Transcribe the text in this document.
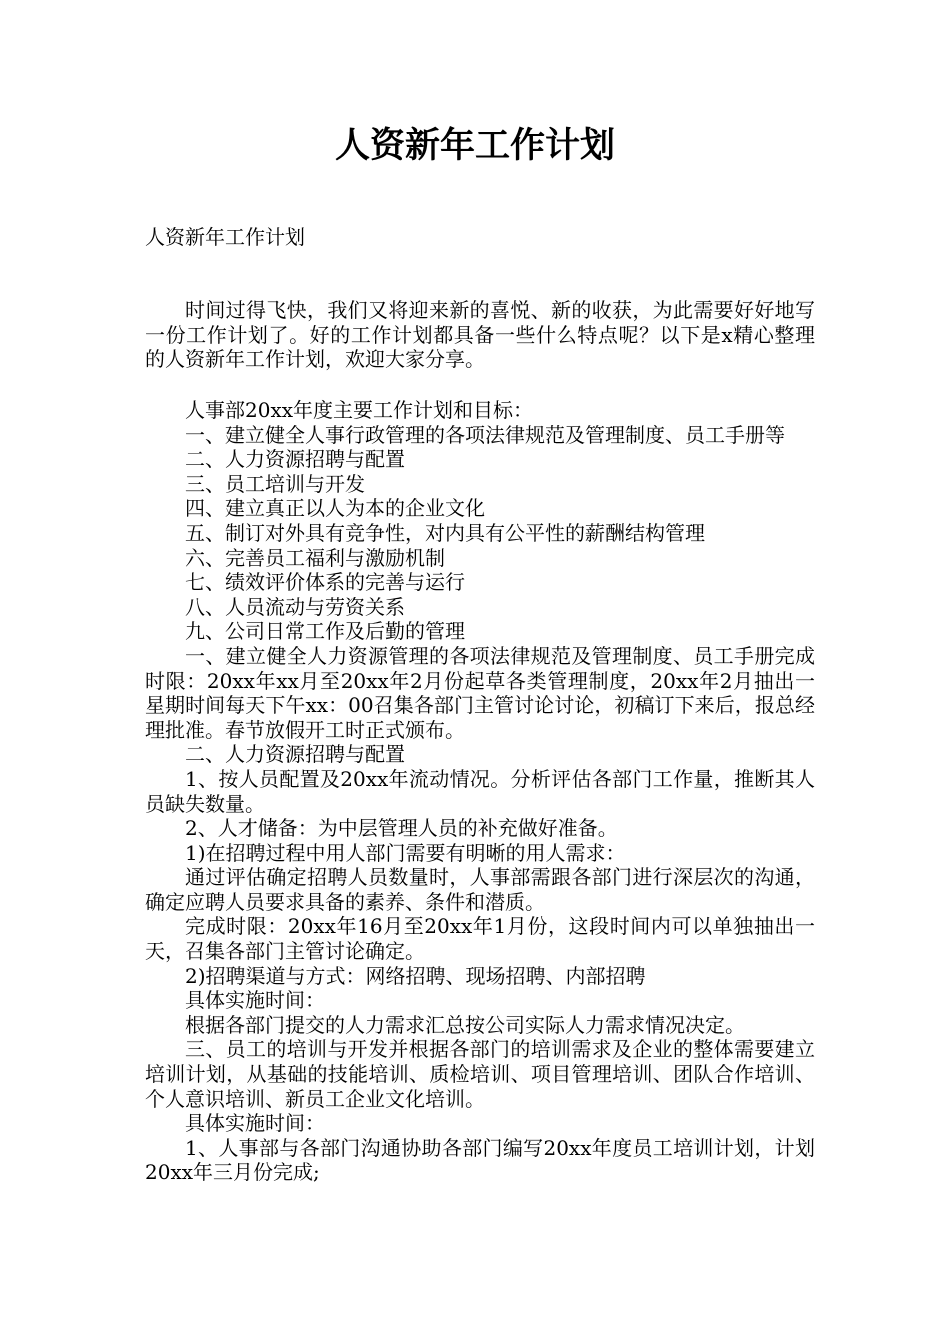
人资新年工作计划
人资新年工作计划

时间过得飞快，我们又将迎来新的喜悦、新的收获，为此需要好好地写一份工作计划了。好的工作计划都具备一些什么特点呢？以下是x精心整理的人资新年工作计划，欢迎大家分享。

人事部20xx年度主要工作计划和目标：

一、建立健全人事行政管理的各项法律规范及管理制度、员工手册等

二、人力资源招聘与配置

三、员工培训与开发

四、建立真正以人为本的企业文化

五、制订对外具有竞争性，对内具有公平性的薪酬结构管理

六、完善员工福利与激励机制

七、绩效评价体系的完善与运行

八、人员流动与劳资关系

九、公司日常工作及后勤的管理

一、建立健全人力资源管理的各项法律规范及管理制度、员工手册完成时限：20xx年xx月至20xx年2月份起草各类管理制度，20xx年2月抽出一星期时间每天下午xx：00召集各部门主管讨论讨论，初稿订下来后，报总经理批准。春节放假开工时正式颁布。

二、人力资源招聘与配置

1、按人员配置及20xx年流动情况。分析评估各部门工作量，推断其人员缺失数量。

2、人才储备：为中层管理人员的补充做好准备。

1)在招聘过程中用人部门需要有明晰的用人需求：

通过评估确定招聘人员数量时，人事部需跟各部门进行深层次的沟通，确定应聘人员要求具备的素养、条件和潜质。

完成时限：20xx年16月至20xx年1月份，这段时间内可以单独抽出一天，召集各部门主管讨论确定。

2)招聘渠道与方式：网络招聘、现场招聘、内部招聘

具体实施时间：

根据各部门提交的人力需求汇总按公司实际人力需求情况决定。

三、员工的培训与开发并根据各部门的培训需求及企业的整体需要建立培训计划，从基础的技能培训、质检培训、项目管理培训、团队合作培训、个人意识培训、新员工企业文化培训。

具体实施时间：

1、人事部与各部门沟通协助各部门编写20xx年度员工培训计划，计划20xx年三月份完成;
